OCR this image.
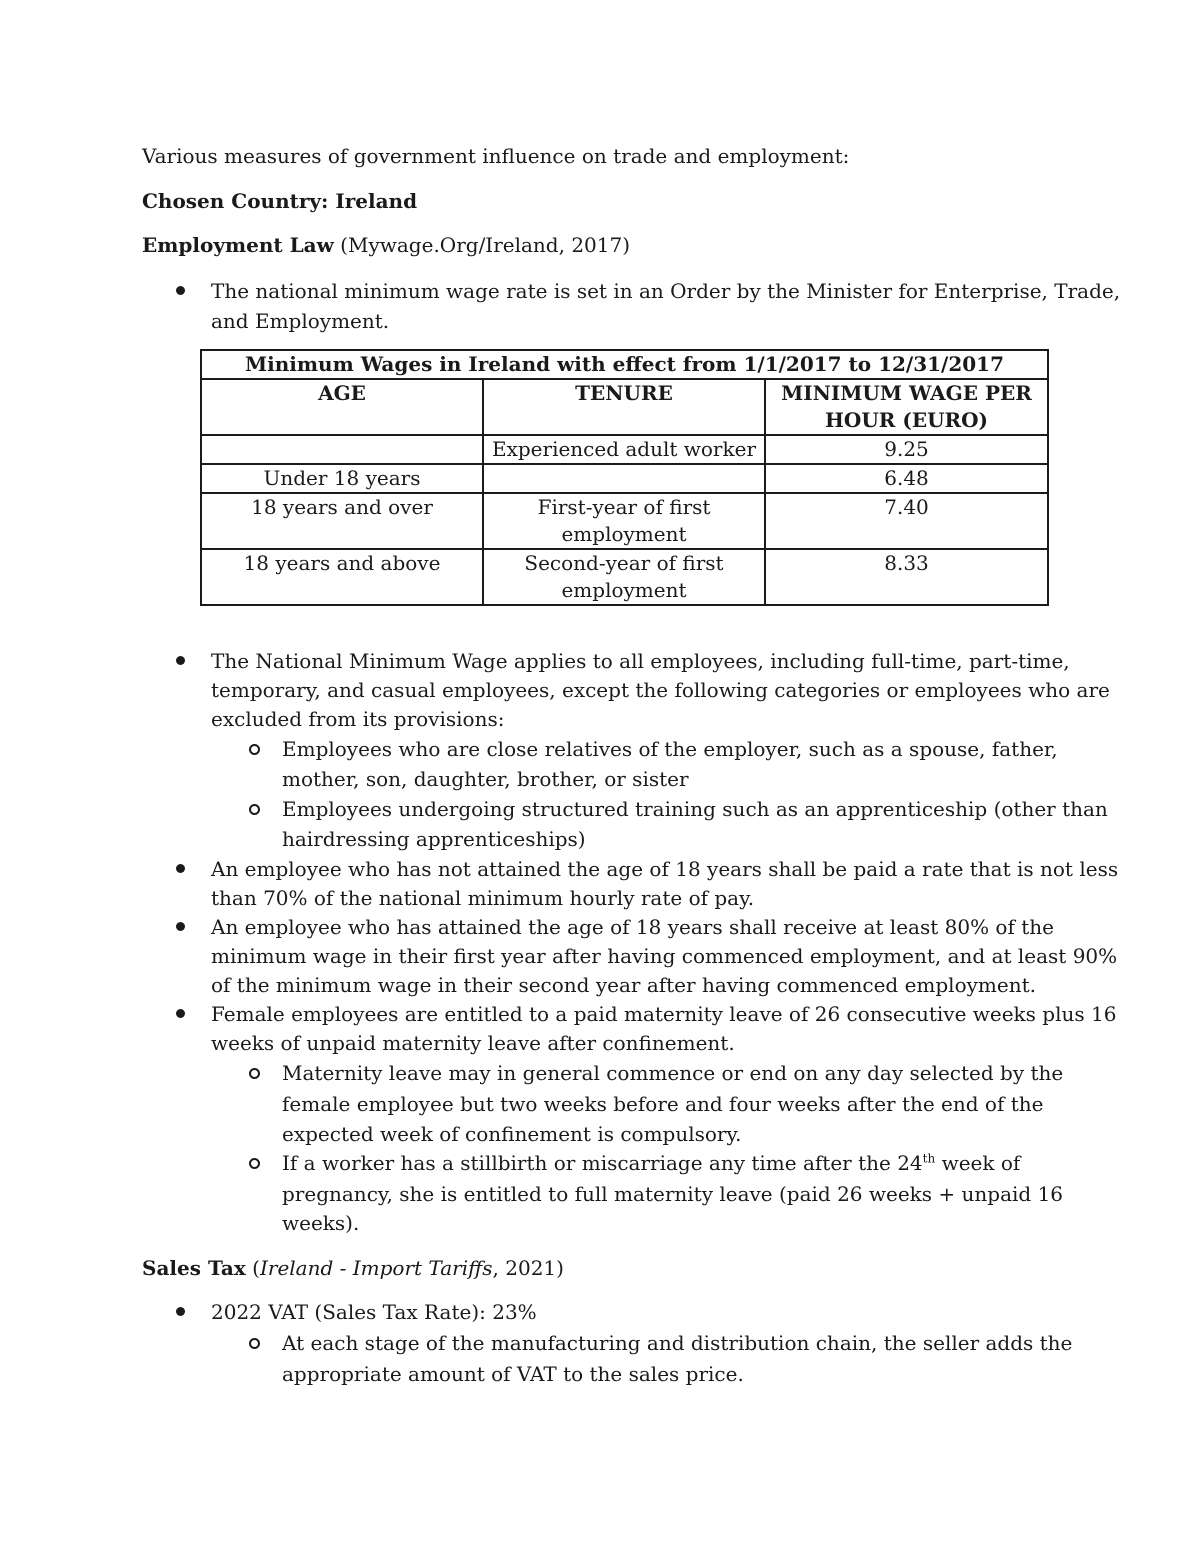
Various measures of government influence on trade and employment:
Chosen Country: Ireland
Employment Law (Mywage.Org/Ireland, 2017)
The national minimum wage rate is set in an Order by the Minister for Enterprise, Trade,
and Employment.
Minimum Wages in Ireland with effect from 1/1/2017 to 12/31/2017		
AGE	TENURE	MINIMUM WAGE PER HOUR (EURO)
	Experienced adult worker	9.25
Under 18 years		6.48
18 years and over	First-year of first employment	7.40
18 years and above	Second-year of first employment	8.33
The National Minimum Wage applies to all employees, including full-time, part-time,
temporary, and casual employees, except the following categories or employees who are
excluded from its provisions:
Employees who are close relatives of the employer, such as a spouse, father,
mother, son, daughter, brother, or sister
Employees undergoing structured training such as an apprenticeship (other than
hairdressing apprenticeships)
An employee who has not attained the age of 18 years shall be paid a rate that is not less
than 70% of the national minimum hourly rate of pay.
An employee who has attained the age of 18 years shall receive at least 80% of the
minimum wage in their first year after having commenced employment, and at least 90%
of the minimum wage in their second year after having commenced employment.
Female employees are entitled to a paid maternity leave of 26 consecutive weeks plus 16
weeks of unpaid maternity leave after confinement.
Maternity leave may in general commence or end on any day selected by the
female employee but two weeks before and four weeks after the end of the
expected week of confinement is compulsory.
If a worker has a stillbirth or miscarriage any time after the 24th week of
pregnancy, she is entitled to full maternity leave (paid 26 weeks + unpaid 16
weeks).
Sales Tax (Ireland - Import Tariffs, 2021)
2022 VAT (Sales Tax Rate): 23%
At each stage of the manufacturing and distribution chain, the seller adds the
appropriate amount of VAT to the sales price.
